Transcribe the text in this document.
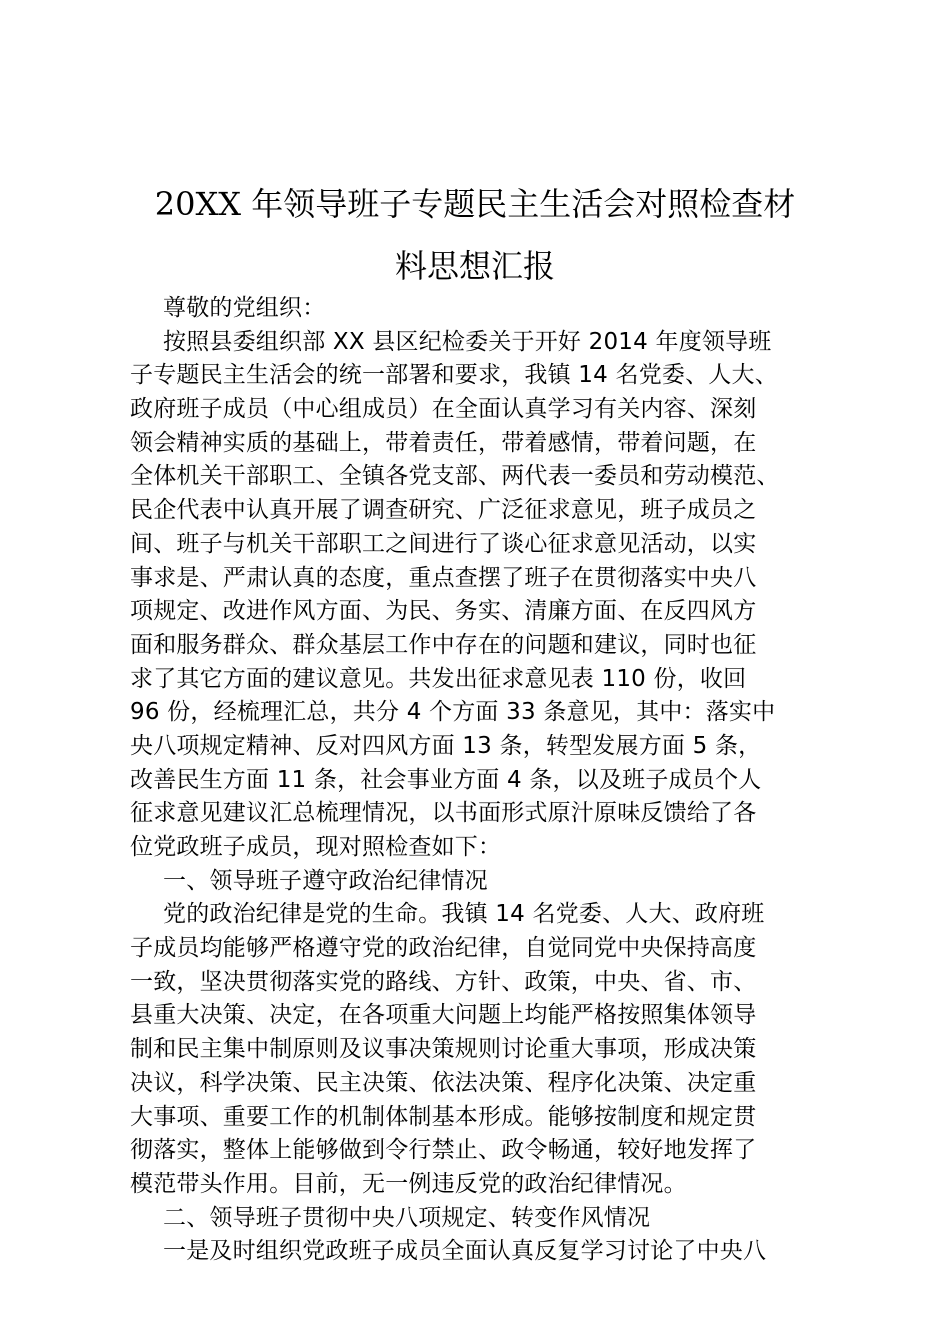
20XX 年领导班子专题民主生活会对照检查材
料思想汇报
尊敬的党组织：
按照县委组织部 XX 县区纪检委关于开好 2014 年度领导班
子专题民主生活会的统一部署和要求，我镇 14 名党委、人大、
政府班子成员（中心组成员）在全面认真学习有关内容、深刻
领会精神实质的基础上，带着责任，带着感情，带着问题，在
全体机关干部职工、全镇各党支部、两代表一委员和劳动模范、
民企代表中认真开展了调查研究、广泛征求意见，班子成员之
间、班子与机关干部职工之间进行了谈心征求意见活动，以实
事求是、严肃认真的态度，重点查摆了班子在贯彻落实中央八
项规定、改进作风方面、为民、务实、清廉方面、在反四风方
面和服务群众、群众基层工作中存在的问题和建议，同时也征
求了其它方面的建议意见。共发出征求意见表 110 份，收回
96 份，经梳理汇总，共分 4 个方面 33 条意见，其中：落实中
央八项规定精神、反对四风方面 13 条，转型发展方面 5 条，
改善民生方面 11 条，社会事业方面 4 条，以及班子成员个人
征求意见建议汇总梳理情况，以书面形式原汁原味反馈给了各
位党政班子成员，现对照检查如下：
一、领导班子遵守政治纪律情况
党的政治纪律是党的生命。我镇 14 名党委、人大、政府班
子成员均能够严格遵守党的政治纪律，自觉同党中央保持高度
一致，坚决贯彻落实党的路线、方针、政策，中央、省、市、
县重大决策、决定，在各项重大问题上均能严格按照集体领导
制和民主集中制原则及议事决策规则讨论重大事项，形成决策
决议，科学决策、民主决策、依法决策、程序化决策、决定重
大事项、重要工作的机制体制基本形成。能够按制度和规定贯
彻落实，整体上能够做到令行禁止、政令畅通，较好地发挥了
模范带头作用。目前，无一例违反党的政治纪律情况。
二、领导班子贯彻中央八项规定、转变作风情况
一是及时组织党政班子成员全面认真反复学习讨论了中央八
